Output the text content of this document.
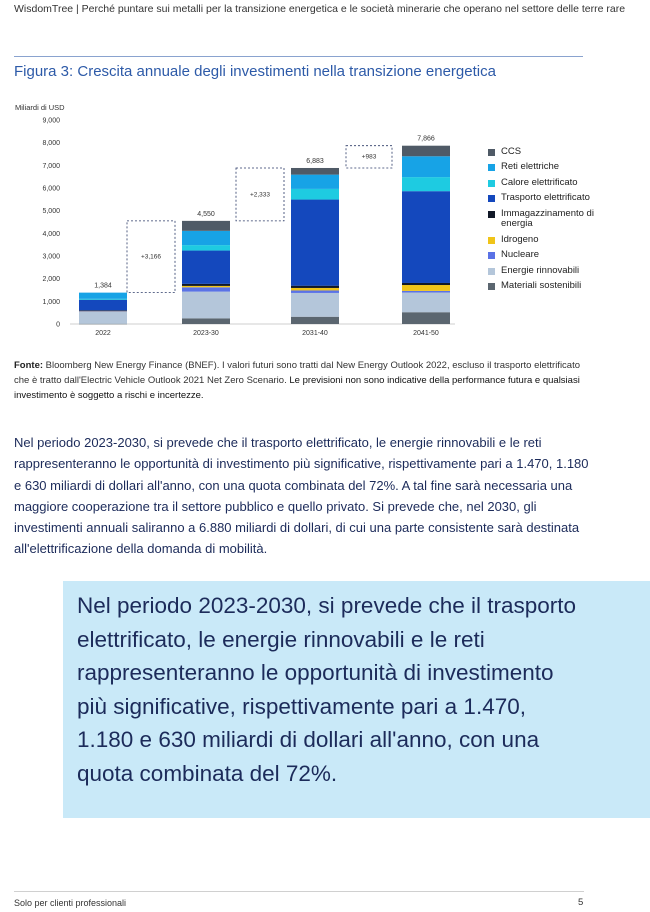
WisdomTree | Perché puntare sui metalli per la transizione energetica e le società minerarie che operano nel settore delle terre rare
Figura 3: Crescita annuale degli investimenti nella transizione energetica
Miliardi di USD
0
1,000
2,000
3,000
4,000
5,000
6,000
7,000
8,000
9,000
2022
1,384
2023-30
4,550
2031-40
6,883
2041-50
7,866
+3,166
+2,333
+983
CCS
Reti elettriche
Calore elettrificato
Trasporto elettrificato
Immagazzinamento di energia
Idrogeno
Nucleare
Energie rinnovabili
Materiali sostenibili
Fonte: Bloomberg New Energy Finance (BNEF). I valori futuri sono tratti dal New Energy Outlook 2022, escluso il trasporto elettrificato che è tratto dall'Electric Vehicle Outlook 2021 Net Zero Scenario. Le previsioni non sono indicative della performance futura e qualsiasi investimento è soggetto a rischi e incertezze.
Nel periodo 2023-2030, si prevede che il trasporto elettrificato, le energie rinnovabili e le reti rappresenteranno le opportunità di investimento più significative, rispettivamente pari a 1.470, 1.180 e 630 miliardi di dollari all'anno, con una quota combinata del 72%. A tal fine sarà necessaria una maggiore cooperazione tra il settore pubblico e quello privato. Si prevede che, nel 2030, gli investimenti annuali saliranno a 6.880 miliardi di dollari, di cui una parte consistente sarà destinata all'elettrificazione della domanda di mobilità.
Nel periodo 2023-2030, si prevede che il trasporto elettrificato, le energie rinnovabili e le reti rappresenteranno le opportunità di investimento più significative, rispettivamente pari a 1.470, 1.180 e 630 miliardi di dollari all'anno, con una quota combinata del 72%.
Solo per clienti professionali	5
